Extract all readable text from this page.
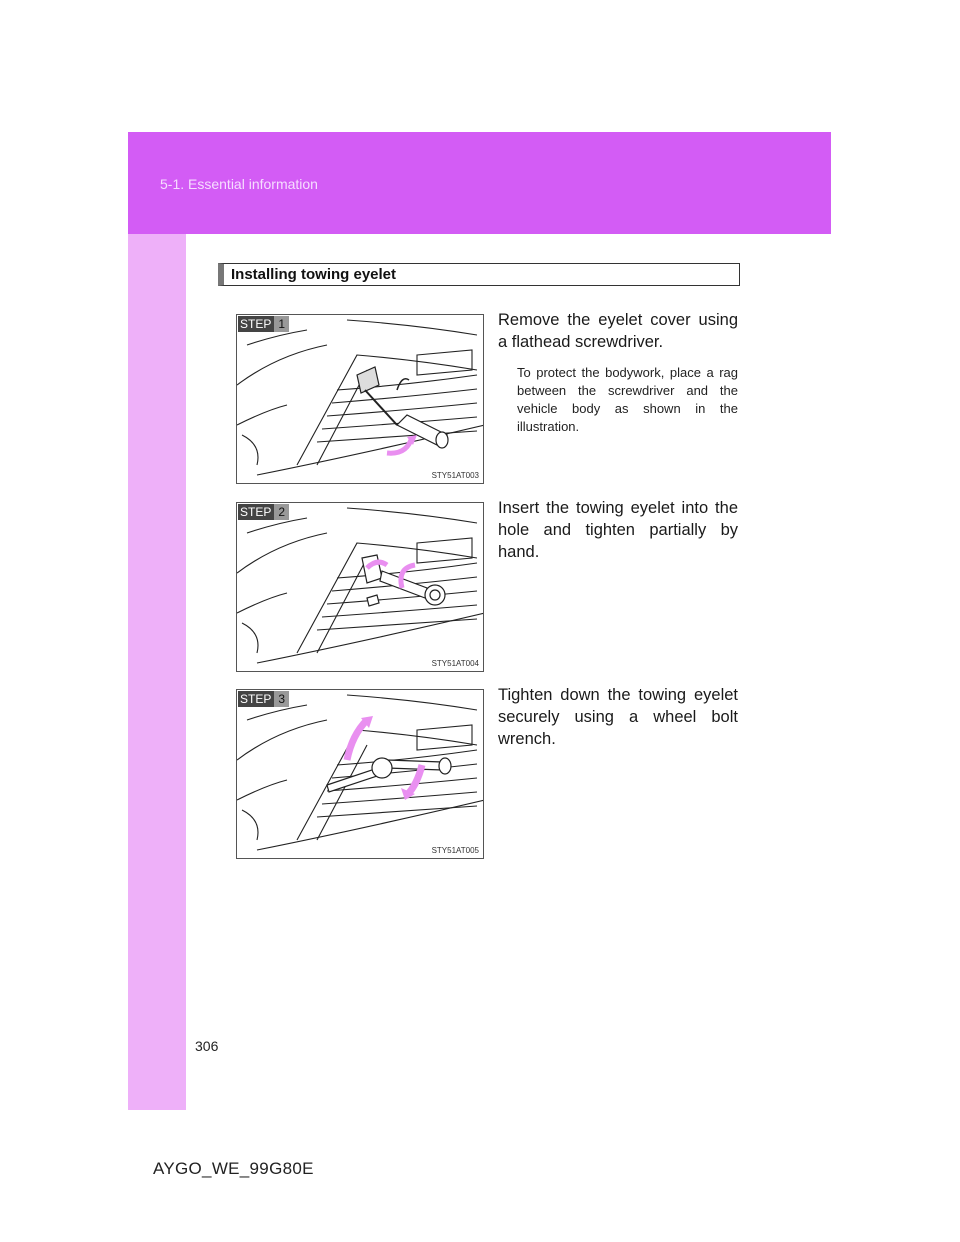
5-1. Essential information
Installing towing eyelet
STEP 1
STY51AT003
Remove the eyelet cover using a flathead screwdriver.
To protect the bodywork, place a rag between the screwdriver and the vehicle body as shown in the illustration.
STEP 2
STY51AT004
Insert the towing eyelet into the hole and tighten partially by hand.
STEP 3
STY51AT005
Tighten down the towing eyelet securely using a wheel bolt wrench.
306
AYGO_WE_99G80E
